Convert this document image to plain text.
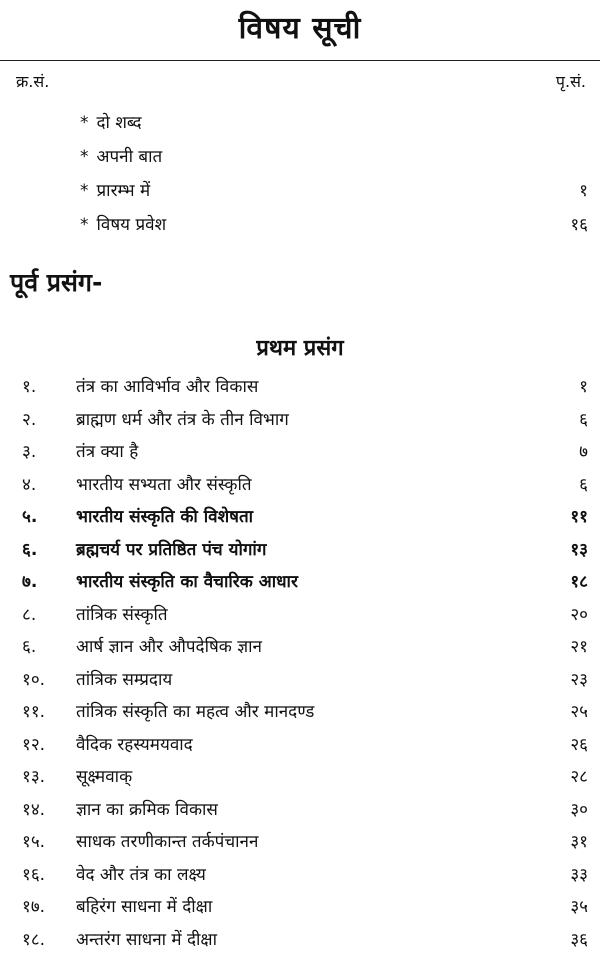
विषय सूची
क्र.सं.	पृ.सं.
* दो शब्द
* अपनी बात
* प्रारम्भ में	१
* विषय प्रवेश	१६
पूर्व प्रसंग-
प्रथम प्रसंग
१.	तंत्र का आविर्भाव और विकास	१
२.	ब्राह्मण धर्म और तंत्र के तीन विभाग	६
३.	तंत्र क्या है	७
४.	भारतीय सभ्यता और संस्कृति	६
५.	भारतीय संस्कृति की विशेषता	११
६.	ब्रह्मचर्य पर प्रतिष्ठित पंच योगांग	१३
७.	भारतीय संस्कृति का वैचारिक आधार	१८
८.	तांत्रिक संस्कृति	२०
६.	आर्ष ज्ञान और औपदेषिक ज्ञान	२१
१०.	तांत्रिक सम्प्रदाय	२३
११.	तांत्रिक संस्कृति का महत्व और मानदण्ड	२५
१२.	वैदिक रहस्यमयवाद	२६
१३.	सूक्ष्मवाक्	२८
१४.	ज्ञान का क्रमिक विकास	३०
१५.	साधक तरणीकान्त तर्कपंचानन	३१
१६.	वेद और तंत्र का लक्ष्य	३३
१७.	बहिरंग साधना में दीक्षा	३५
१८.	अन्तरंग साधना में दीक्षा	३६
